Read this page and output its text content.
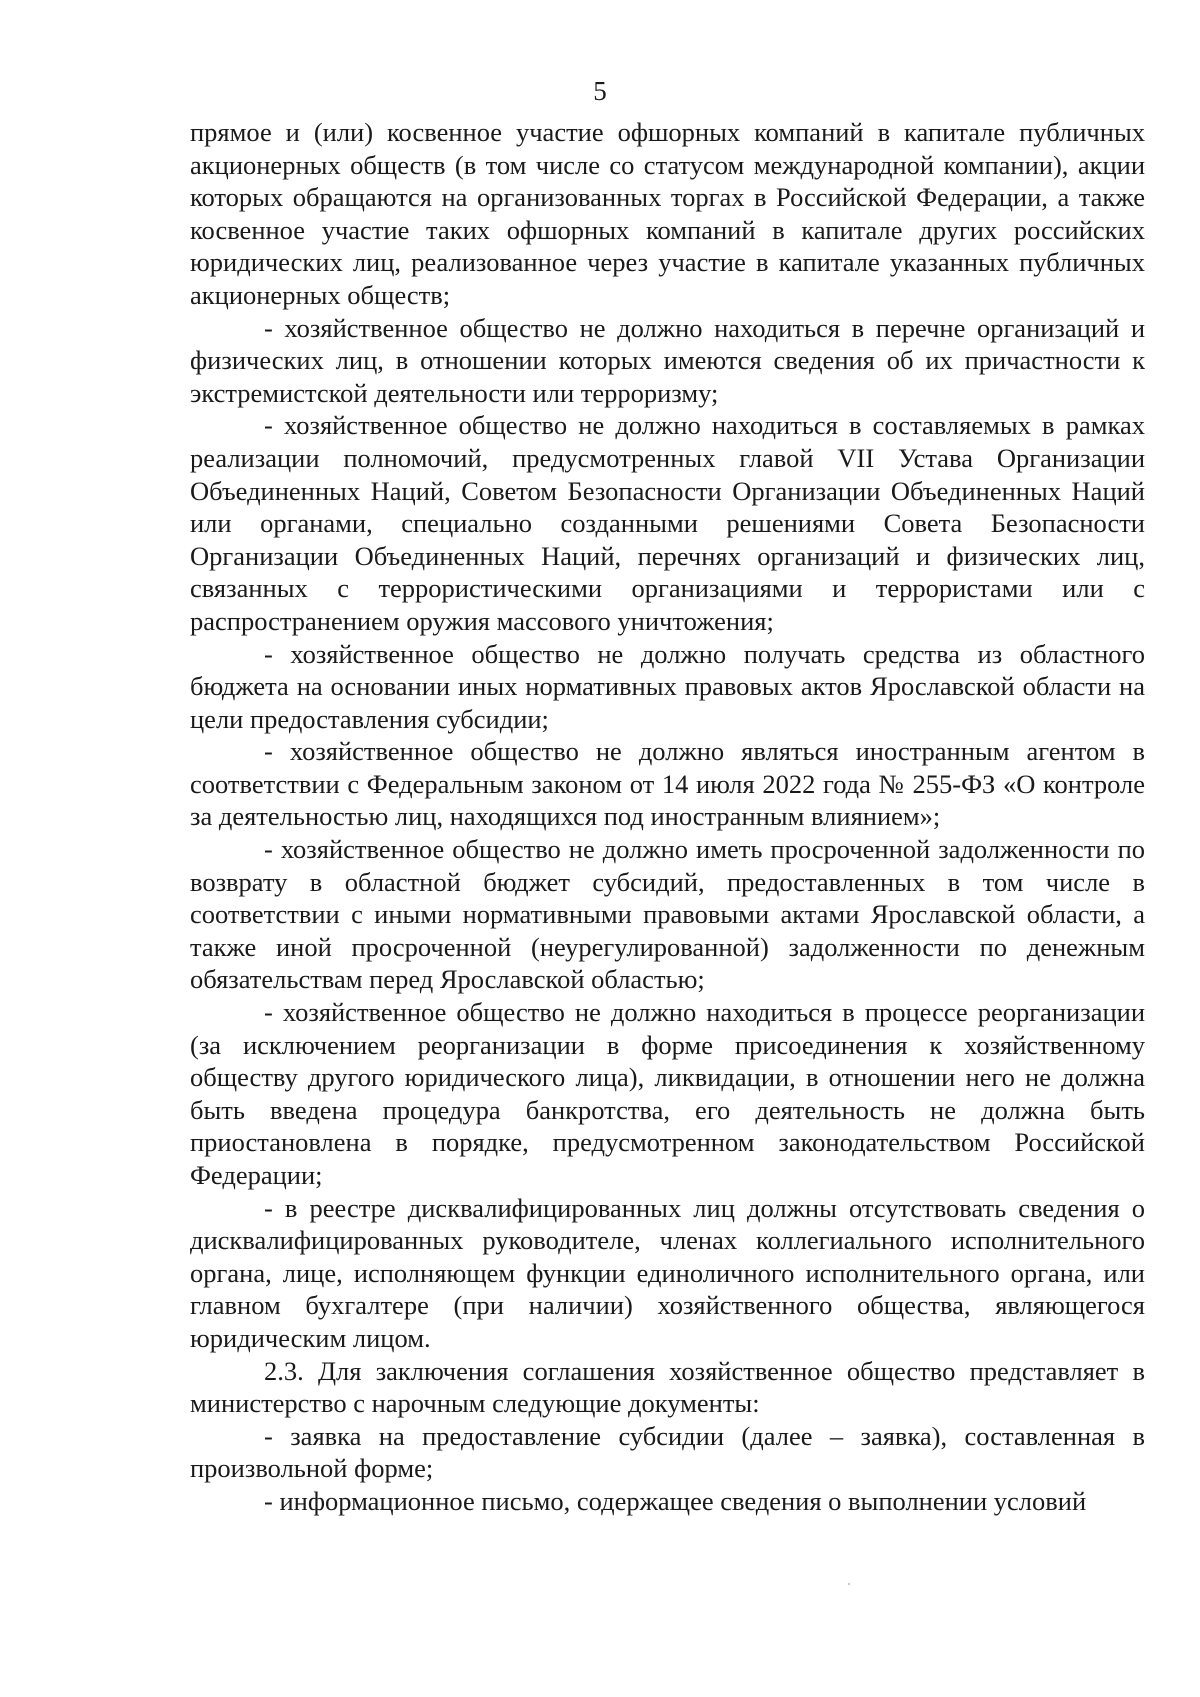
5

прямое и (или) косвенное участие офшорных компаний в капитале публичных акционерных обществ (в том числе со статусом международной компании), акции которых обращаются на организованных торгах в Российской Федерации, а также косвенное участие таких офшорных компаний в капитале других российских юридических лиц, реализованное через участие в капитале указанных публичных акционерных обществ;

- хозяйственное общество не должно находиться в перечне организаций и физических лиц, в отношении которых имеются сведения об их причастности к экстремистской деятельности или терроризму;

- хозяйственное общество не должно находиться в составляемых в рамках реализации полномочий, предусмотренных главой VII Устава Организации Объединенных Наций, Советом Безопасности Организации Объединенных Наций или органами, специально созданными решениями Совета Безопасности Организации Объединенных Наций, перечнях организаций и физических лиц, связанных с террористическими организациями и террористами или с распространением оружия массового уничтожения;

- хозяйственное общество не должно получать средства из областного бюджета на основании иных нормативных правовых актов Ярославской области на цели предоставления субсидии;

- хозяйственное общество не должно являться иностранным агентом в соответствии с Федеральным законом от 14 июля 2022 года № 255-ФЗ «О контроле за деятельностью лиц, находящихся под иностранным влиянием»;

- хозяйственное общество не должно иметь просроченной задолженности по возврату в областной бюджет субсидий, предоставленных в том числе в соответствии с иными нормативными правовыми актами Ярославской области, а также иной просроченной (неурегулированной) задолженности по денежным обязательствам перед Ярославской областью;

- хозяйственное общество не должно находиться в процессе реорганизации (за исключением реорганизации в форме присоединения к хозяйственному обществу другого юридического лица), ликвидации, в отношении него не должна быть введена процедура банкротства, его деятельность не должна быть приостановлена в порядке, предусмотренном законодательством Российской Федерации;

- в реестре дисквалифицированных лиц должны отсутствовать сведения о дисквалифицированных руководителе, членах коллегиального исполнительного органа, лице, исполняющем функции единоличного исполнительного органа, или главном бухгалтере (при наличии) хозяйственного общества, являющегося юридическим лицом.

2.3. Для заключения соглашения хозяйственное общество представляет в министерство с нарочным следующие документы:

- заявка на предоставление субсидии (далее – заявка), составленная в произвольной форме;

- информационное письмо, содержащее сведения о выполнении условий
